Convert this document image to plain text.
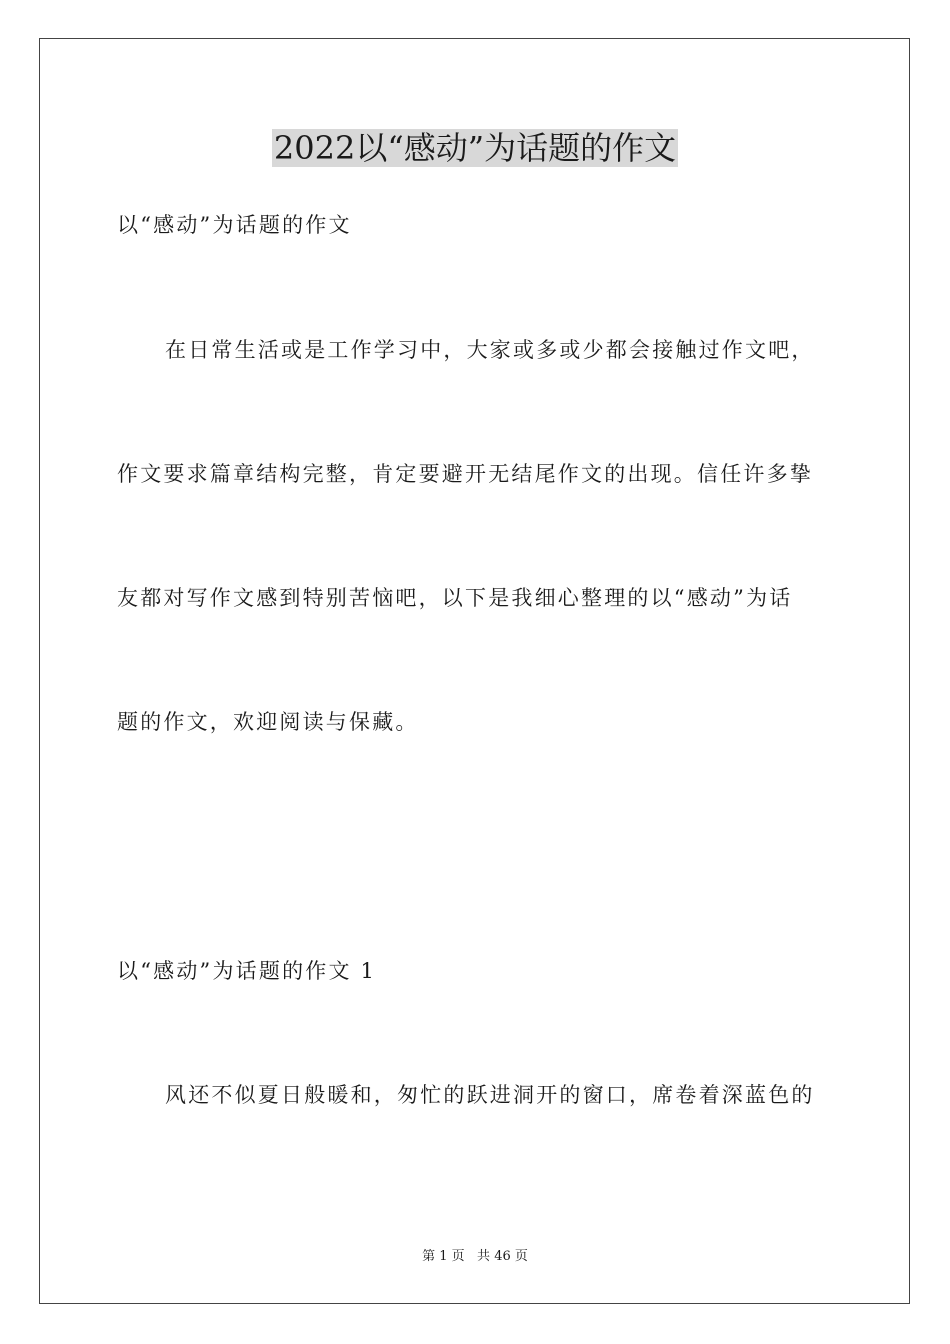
2022以“感动”为话题的作文
以“感动”为话题的作文
在日常生活或是工作学习中，大家或多或少都会接触过作文吧，
作文要求篇章结构完整，肯定要避开无结尾作文的出现。信任许多挚
友都对写作文感到特别苦恼吧，以下是我细心整理的以“感动”为话
题的作文，欢迎阅读与保藏。
以“感动”为话题的作文 1
风还不似夏日般暖和，匆忙的跃进洞开的窗口，席卷着深蓝色的
第 1 页   共 46 页
